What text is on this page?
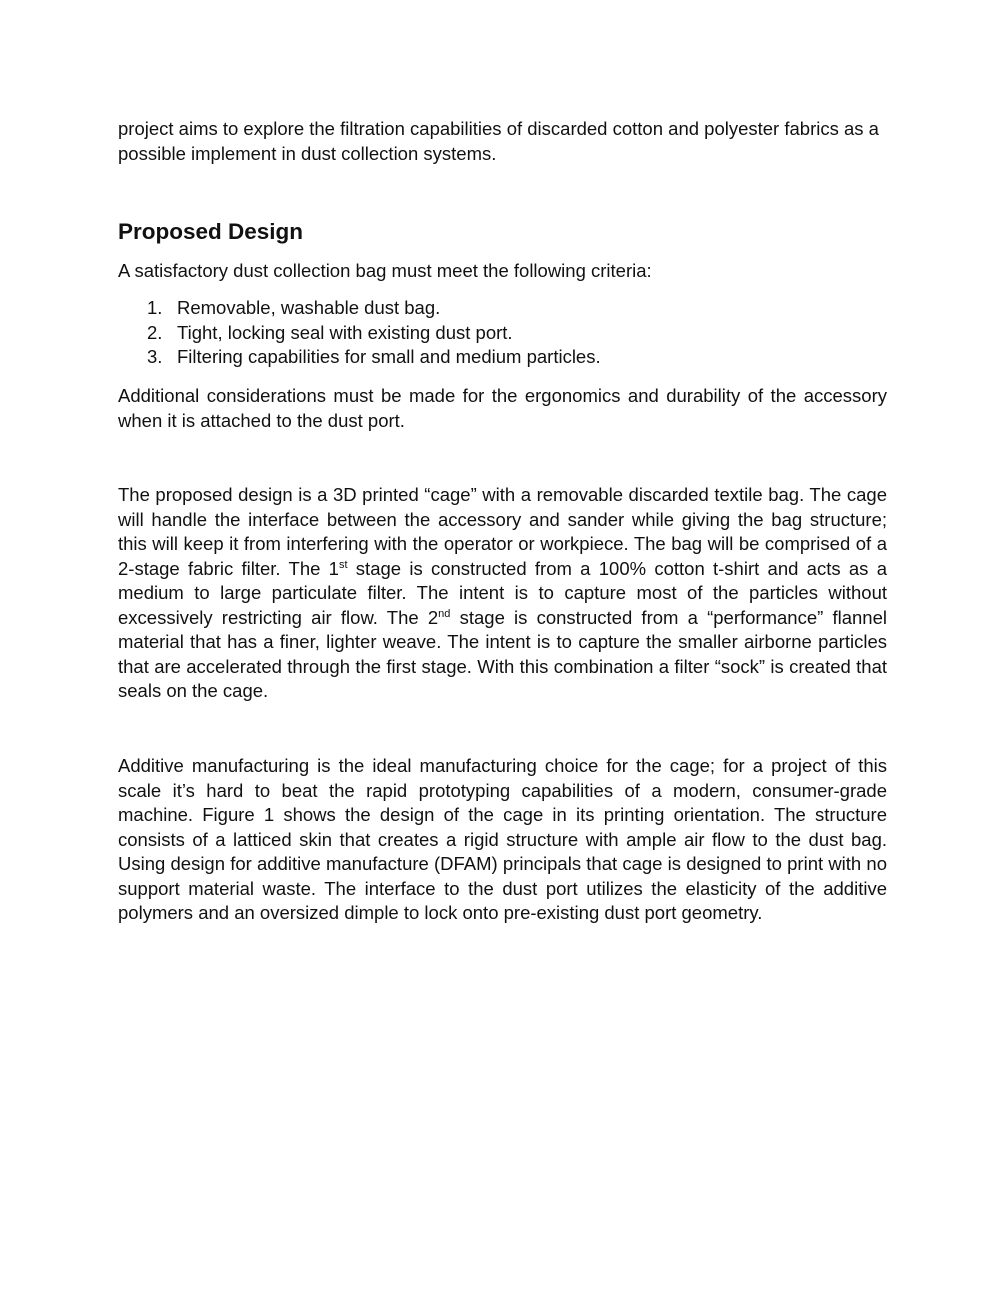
project aims to explore the filtration capabilities of discarded cotton and polyester fabrics as a possible implement in dust collection systems.

Proposed Design

A satisfactory dust collection bag must meet the following criteria:

1. Removable, washable dust bag.
2. Tight, locking seal with existing dust port.
3. Filtering capabilities for small and medium particles.

Additional considerations must be made for the ergonomics and durability of the accessory when it is attached to the dust port.

The proposed design is a 3D printed “cage” with a removable discarded textile bag. The cage will handle the interface between the accessory and sander while giving the bag structure; this will keep it from interfering with the operator or workpiece. The bag will be comprised of a 2-stage fabric filter. The 1st stage is constructed from a 100% cotton t-shirt and acts as a medium to large particulate filter. The intent is to capture most of the particles without excessively restricting air flow. The 2nd stage is constructed from a “performance” flannel material that has a finer, lighter weave. The intent is to capture the smaller airborne particles that are accelerated through the first stage. With this combination a filter “sock” is created that seals on the cage.

Additive manufacturing is the ideal manufacturing choice for the cage; for a project of this scale it’s hard to beat the rapid prototyping capabilities of a modern, consumer-grade machine. Figure 1 shows the design of the cage in its printing orientation. The structure consists of a latticed skin that creates a rigid structure with ample air flow to the dust bag. Using design for additive manufacture (DFAM) principals that cage is designed to print with no support material waste. The interface to the dust port utilizes the elasticity of the additive polymers and an oversized dimple to lock onto pre-existing dust port geometry.
